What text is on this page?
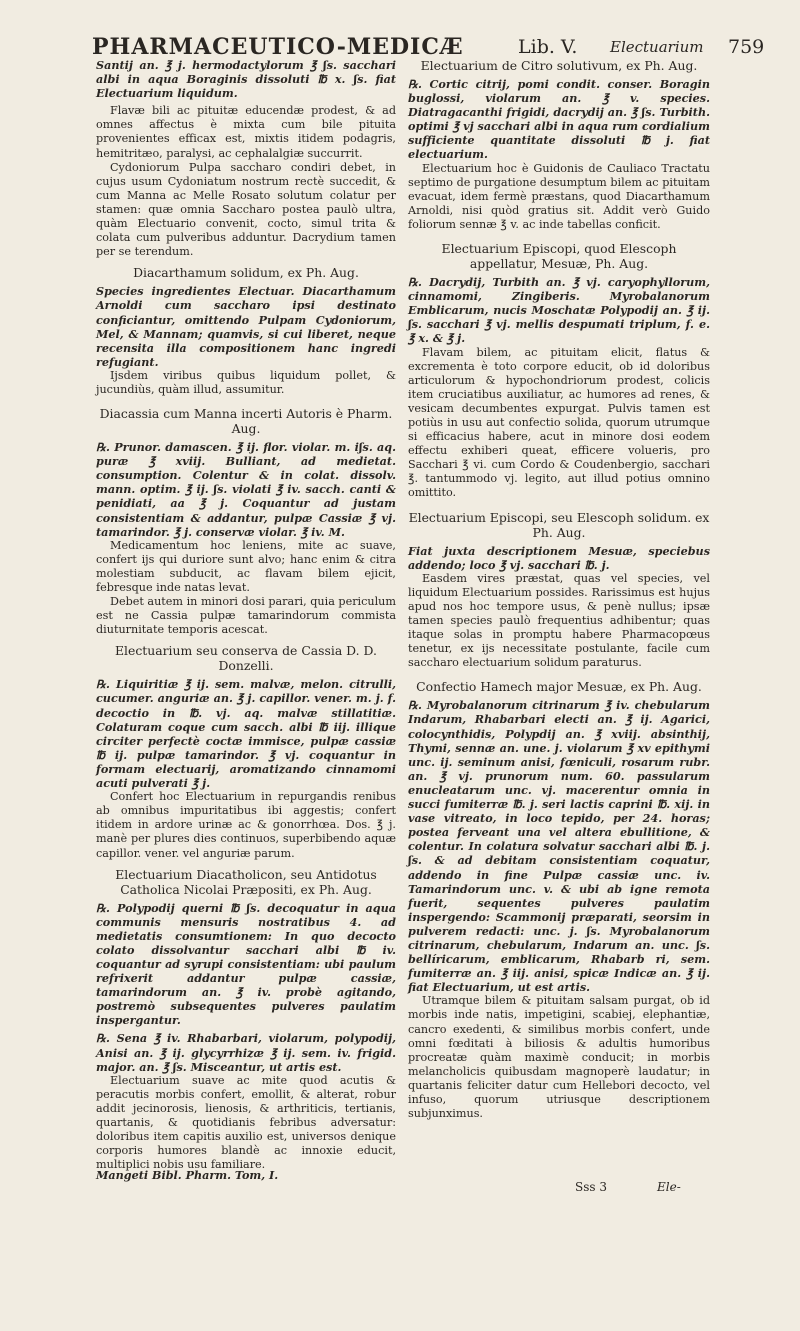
PHARMACEUTICO-MEDICÆ	Lib. V. Electuarium 759

Santij an. ℥ j. hermodactylorum ℥ ʃs. sacchari albi in aqua Boraginis dissoluti ℔ x. ʃs. fiat Electuarium liquidum.

Flavæ bili ac pituitæ educendæ prodest, & ad omnes affectus è mixta cum bile pituita provenientes efficax est, mixtis itidem podagris, hemitritæo, paralysi, ac cephalalgiæ succurrit.

Cydoniorum Pulpa saccharo condiri debet, in cujus usum Cydoniatum nostrum rectè succedit, & cum Manna ac Melle Rosato solutum colatur per stamen: quæ omnia Saccharo postea paulò ultra, quàm Electuario convenit, cocto, simul trita & colata cum pulveribus adduntur. Dacrydium tamen per se terendum.

Diacarthamum solidum, ex Ph. Aug.

Species ingredientes Electuar. Diacarthamum Arnoldi cum saccharo ipsi destinato conficiantur, omittendo Pulpam Cydoniorum, Mel, & Mannam; quamvis, si cui liberet, neque recensita illa compositionem hanc ingredi refugiant.

Ijsdem viribus quibus liquidum pollet, & jucundiùs, quàm illud, assumitur.

Diacassia cum Manna incerti Autoris è Pharm. Aug.

℞. Prunor. damascen. ℥ ij. flor. violar. m. iʃs. aq. puræ ℥ xviij. Bulliant, ad medietat. consumption. Colentur & in colat. dissolv. mann. optim. ℥ ij. ʃs. violati ℥ iv. sacch. canti & penidiati, aa ℥ j. Coquantur ad justam consistentiam & addantur, pulpæ Cassiæ ℥ vj. tamarindor. ℥ j. conservæ violar. ℥ iv. M.

Medicamentum hoc leniens, mite ac suave, confert ijs qui duriore sunt alvo; hanc enim & citra molestiam subducit, ac flavam bilem ejicit, febresque inde natas levat.

Debet autem in minori dosi parari, quia periculum est ne Cassia pulpæ tamarindorum commista diuturnitate temporis acescat.

Electuarium seu conserva de Cassia D. D. Donzelli.

℞. Liquiritiæ ℥ ij. sem. malvæ, melon. citrulli, cucumer. anguriæ an. ℥ j. capillor. vener. m. j. f. decoctio in ℔. vj. aq. malvæ stillatitiæ. Colaturam coque cum sacch. albi ℔ iij. illique circiter perfectè coctæ immisce, pulpæ cassiæ ℔ ij. pulpæ tamarindor. ℥ vj. coquantur in formam electuarij, aromatizando cinnamomi acuti pulverati ℥ j.

Confert hoc Electuarium in repurgandis renibus ab omnibus impuritatibus ibi aggestis; confert itidem in ardore urinæ ac & gonorrhœa. Dos. ℥ j. manè per plures dies continuos, superbibendo aquæ capillor. vener. vel anguriæ parum.

Electuarium Diacatholicon, seu Antidotus Catholica Nicolai Præpositi, ex Ph. Aug.

℞. Polypodij querni ℔ ʃs. decoquatur in aqua communis mensuris nostratibus 4. ad medietatis consumtionem: In quo decocto colato dissolvantur sacchari albi ℔ iv. coquantur ad syrupi consistentiam: ubi paulum refrixerit addantur pulpæ cassiæ, tamarindorum an. ℥ iv. probè agitando, postremò subsequentes pulveres paulatim inspergantur.

℞. Sena ℥ iv. Rhabarbari, violarum, polypodij, Anisi an. ℥ ij. glycyrrhizæ ℥ ij. sem. iv. frigid. major. an. ℥ ʃs. Misceantur, ut artis est.

Electuarium suave ac mite quod acutis & peracutis morbis confert, emollit, & alterat, robur addit jecinorosis, lienosis, & arthriticis, tertianis, quartanis, & quotidianis febribus adversatur: doloribus item capitis auxilio est, universos denique corporis humores blandè ac innoxie educit, multiplici nobis usu familiare.

Electuarium de Citro solutivum, ex Ph. Aug.

℞. Cortic citrij, pomi condit. conser. Boragin buglossi, violarum an. ℥ v. species. Diatragacanthi frigidi, dacrydij an. ℥ ʃs. Turbith. optimi ℥ vj sacchari albi in aqua rum cordialium sufficiente quantitate dissoluti ℔ j. fiat electuarium.

Electuarium hoc è Guidonis de Cauliaco Tractatu septimo de purgatione desumptum bilem ac pituitam evacuat, idem fermè præstans, quod Diacarthamum Arnoldi, nisi quòd gratius sit. Addit verò Guido foliorum sennæ ℥ v. ac inde tabellas conficit.

Electuarium Episcopi, quod Elescoph appellatur, Mesuæ, Ph. Aug.

℞. Dacrydij, Turbith an. ℥ vj. caryophyllorum, cinnamomi, Zingiberis. Myrobalanorum Emblicarum, nucis Moschatæ Polypodij an. ℥ ij. ʃs. sacchari ℥ vj. mellis despumati triplum, f. e. ℥ x. & ℥ j.

Flavam bilem, ac pituitam elicit, flatus & excrementa è toto corpore educit, ob id doloribus articulorum & hypochondriorum prodest, colicis item cruciatibus auxiliatur, ac humores ad renes, & vesicam decumbentes expurgat. Pulvis tamen est potiùs in usu aut confectio solida, quorum utrumque si efficacius habere, acut in minore dosi eodem effectu exhiberi queat, efficere volueris, pro Sacchari ℥ vi. cum Cordo & Coudenbergio, sacchari ℥. tantummodo vj. legito, aut illud potius omnino omittito.

Electuarium Episcopi, seu Elescoph solidum. ex Ph. Aug.

Fiat juxta descriptionem Mesuæ, speciebus addendo; loco ℥ vj. sacchari ℔. j.

Easdem vires præstat, quas vel species, vel liquidum Electuarium possides. Rarissimus est hujus apud nos hoc tempore usus, & penè nullus; ipsæ tamen species paulò frequentius adhibentur; quas itaque solas in promptu habere Pharmacopœus tenetur, ex ijs necessitate postulante, facile cum saccharo electuarium solidum paraturus.

Confectio Hamech major Mesuæ, ex Ph. Aug.

℞. Myrobalanorum citrinarum ℥ iv. chebularum Indarum, Rhabarbari electi an. ℥ ij. Agarici, colocynthidis, Polypdij an. ℥ xviij. absinthij, Thymi, sennæ an. une. j. violarum ℥ xv epithymi unc. ij. seminum anisi, fœniculi, rosarum rubr. an. ℥ vj. prunorum num. 60. passularum enucleatarum unc. vj. macerentur omnia in succi fumiterræ ℔. j. seri lactis caprini ℔. xij. in vase vitreato, in loco tepido, per 24. horas; postea ferveant una vel altera ebullitione, & colentur. In colatura solvatur sacchari albi ℔. j. ʃs. & ad debitam consistentiam coquatur, addendo in fine Pulpæ cassiæ unc. iv. Tamarindorum unc. v. & ubi ab igne remota fuerit, sequentes pulveres paulatim inspergendo: Scammonij præparati, seorsim in pulverem redacti: unc. j. ʃs. Myrobalanorum citrinarum, chebularum, Indarum an. unc. ʃs. bellíricarum, emblicarum, Rhabarb ri, sem. fumiterræ an. ℥ iij. anisi, spicæ Indicæ an. ℥ ij. fiat Electuarium, ut est artis.

Utramque bilem & pituitam salsam purgat, ob id morbis inde natis, impetigini, scabiej, elephantiæ, cancro exedenti, & similibus morbis confert, unde omni fœditati à biliosis & adultis humoribus procreatæ quàm maximè conducit; in morbis melancholicis quibusdam magnoperè laudatur; in quartanis feliciter datur cum Hellebori decocto, vel infuso, quorum utriusque descriptionem subjunximus.

Mangeti Bibl. Pharm. Tom, I.
Sss 3	Ele-
